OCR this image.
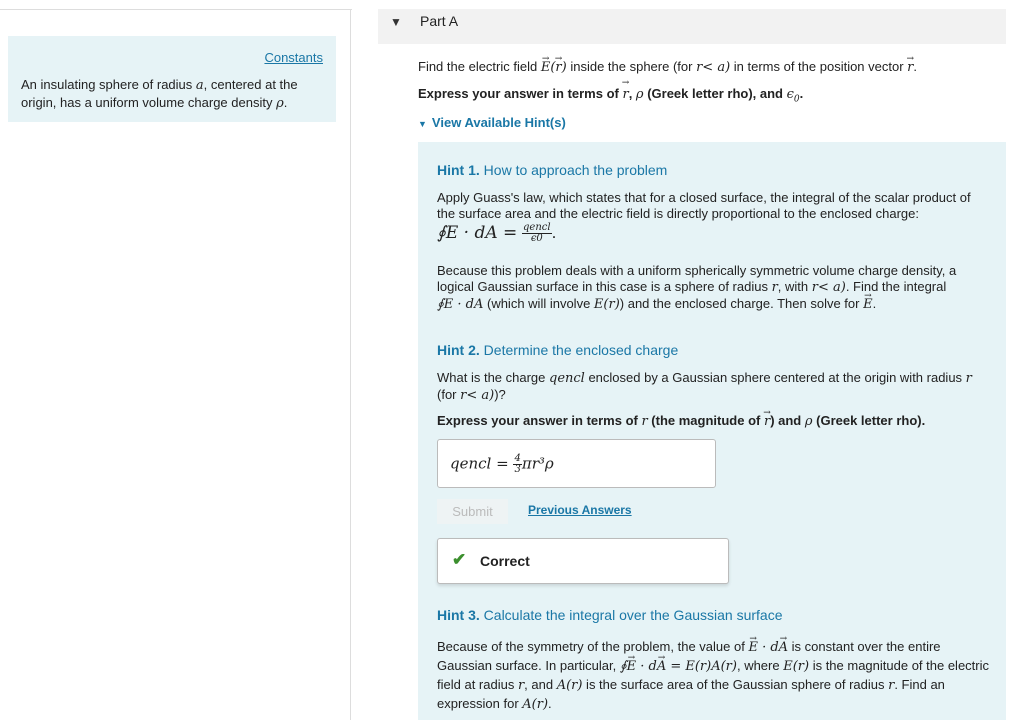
Constants
An insulating sphere of radius a, centered at the origin, has a uniform volume charge density ρ.
▼ Part A
Find the electric field → E(→ r) inside the sphere (for r< a) in terms of the position vector → r.
Express your answer in terms of → r, ρ (Greek letter rho), and $\epsilon_0$.
▼ View Available Hint(s)
Hint 1. How to approach the problem
Apply Guass's law, which states that for a closed surface, the integral of the scalar product of the surface area and the electric field is directly proportional to the enclosed charge:
∮E · dA = $\frac{\text{qencl}}{\epsilon 0}$ .
Because this problem deals with a uniform spherically symmetric volume charge density, a logical Gaussian surface in this case is a sphere of radius r, with r< a). Find the integral
∮E · dA (which will involve E(r)) and the enclosed charge. Then solve for → E.
Hint 2. Determine the enclosed charge
What is the charge qencl enclosed by a Gaussian sphere centered at the origin with radius r
(for r< a))?
Express your answer in terms of r (the magnitude of → r) and ρ (Greek letter rho).
qencl = $\frac{4}{3} \pi r^3\rho$
Submit	Previous Answers
✔ Correct
Hint 3. Calculate the integral over the Gaussian surface
Because of the symmetry of the problem, the value of → E · d→ A is constant over the entire Gaussian surface. In particular, ∮→ E · d→ A = E(r)A(r), where E(r) is the magnitude of the electric field at radius r, and A(r) is the surface area of the Gaussian sphere of radius r. Find an expression for A(r).
